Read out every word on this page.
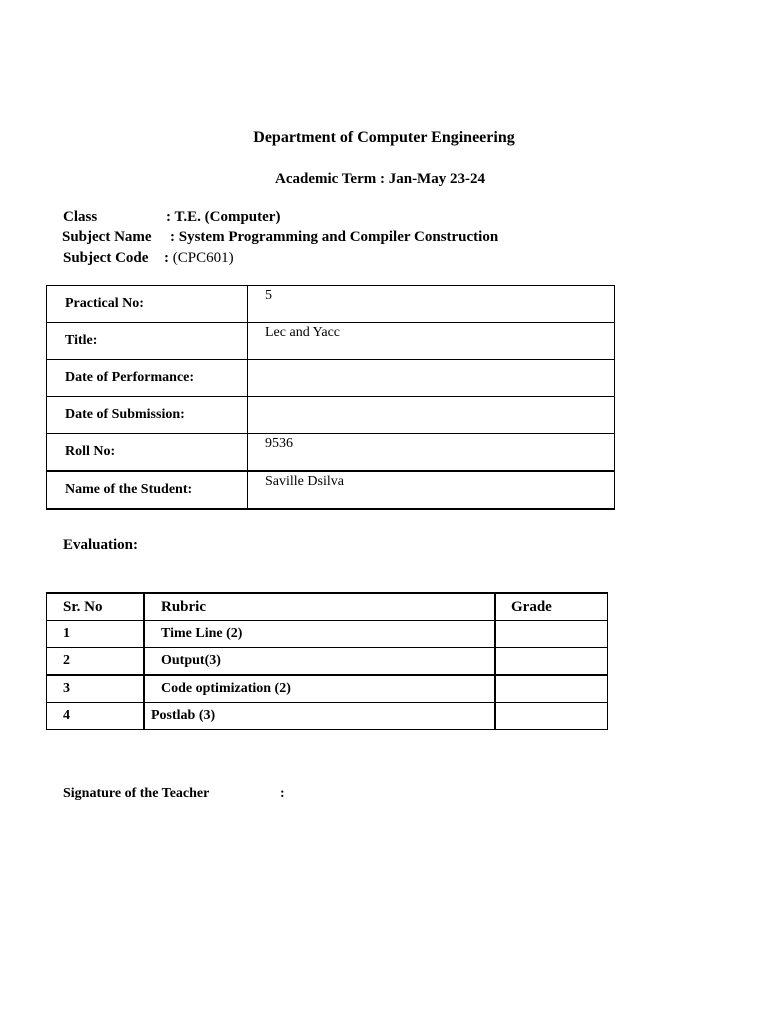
Department of Computer Engineering
Academic Term : Jan-May 23-24
Class	: T.E. (Computer)
Subject Name : System Programming and Compiler Construction
Subject Code : (CPC601)
Practical No:	5
Title:	Lec and Yacc
Date of Performance:	
Date of Submission:	
Roll No:	9536
Name of the Student:	Saville Dsilva
Evaluation:
Sr. No	Rubric	Grade
1	Time Line (2)	
2	Output(3)	
3	Code optimization (2)	
4	Postlab (3)	
Signature of the Teacher	:
